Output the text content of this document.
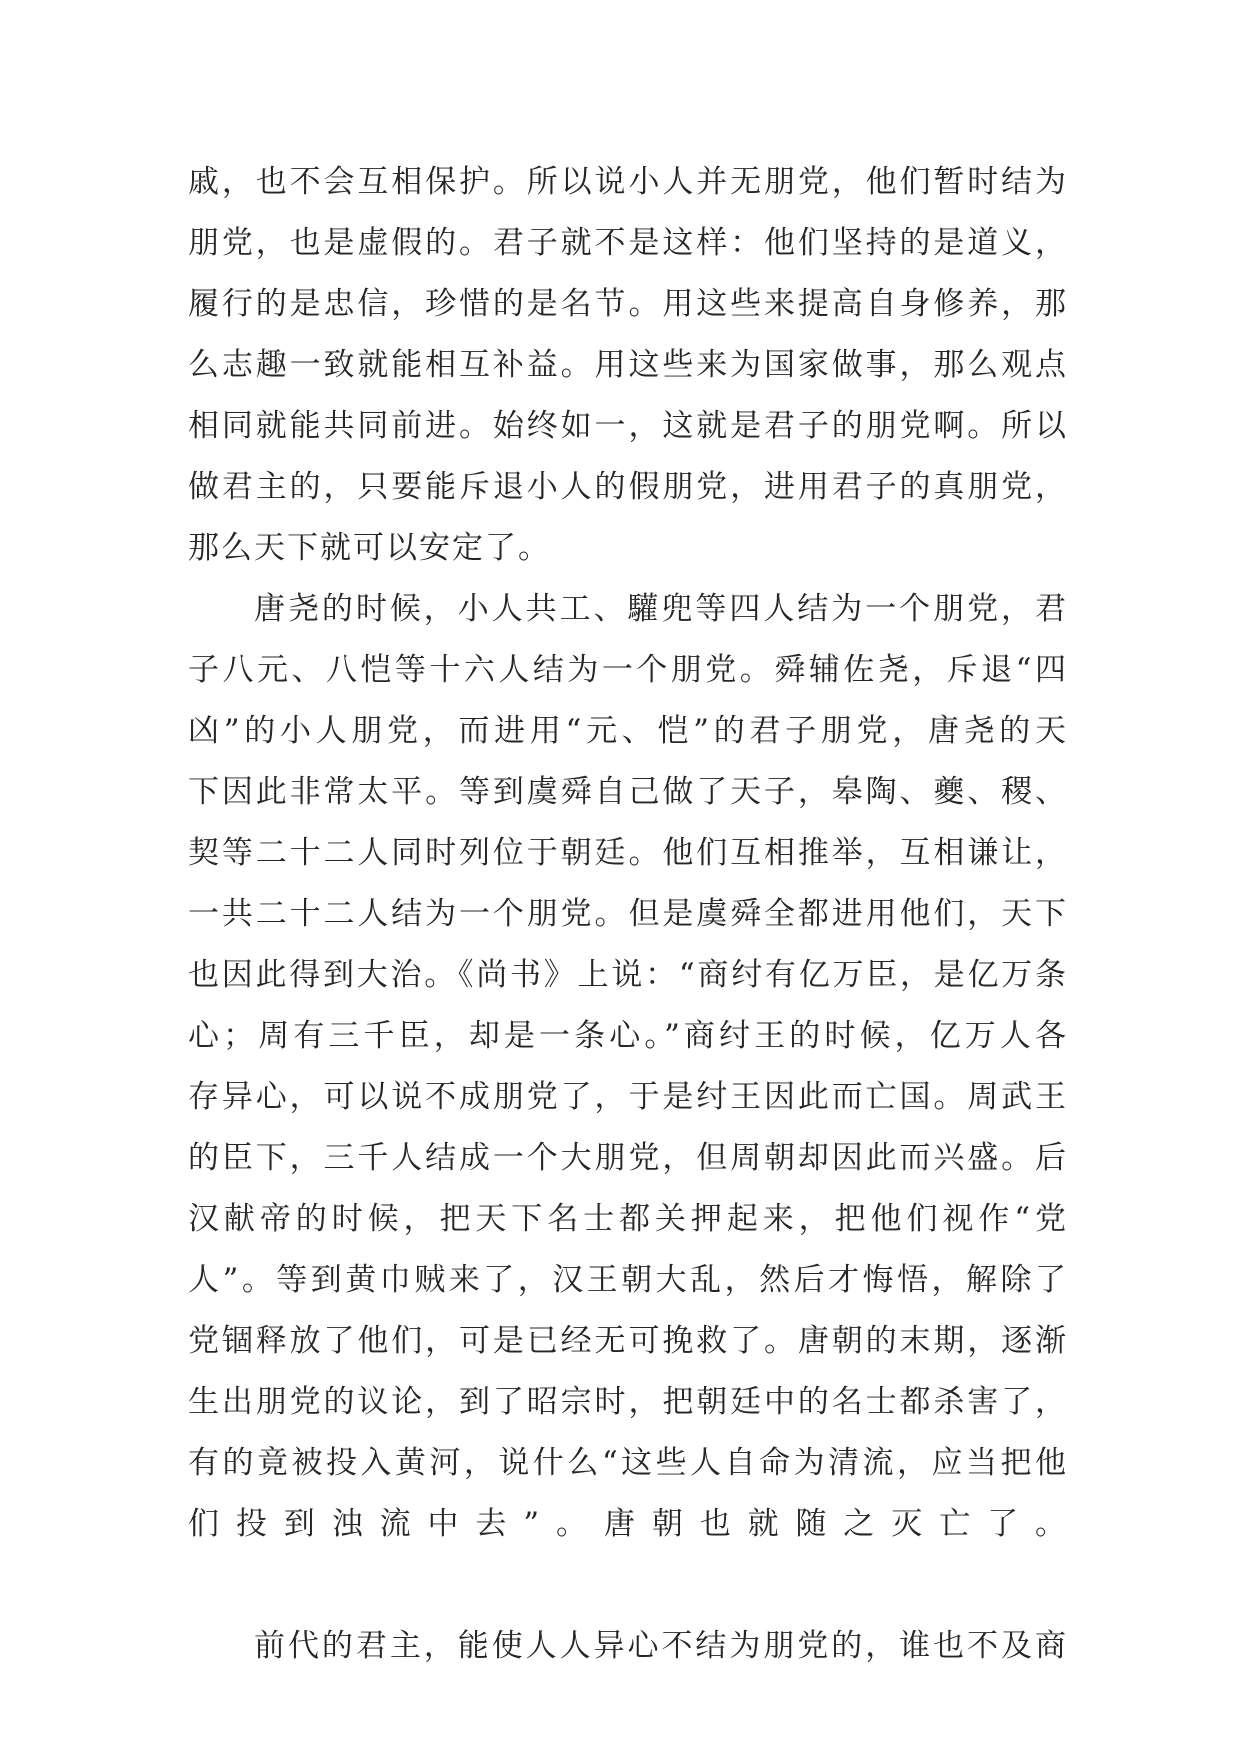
戚，也不会互相保护。所以说小人并无朋党，他们暂时结为
朋党，也是虚假的。君子就不是这样：他们坚持的是道义，
履行的是忠信，珍惜的是名节。用这些来提高自身修养，那
么志趣一致就能相互补益。用这些来为国家做事，那么观点
相同就能共同前进。始终如一，这就是君子的朋党啊。所以
做君主的，只要能斥退小人的假朋党，进用君子的真朋党，
那么天下就可以安定了。
唐尧的时候，小人共工、驩兜等四人结为一个朋党，君
子八元、八恺等十六人结为一个朋党。舜辅佐尧，斥退“四
凶”的小人朋党，而进用“元、恺”的君子朋党，唐尧的天
下因此非常太平。等到虞舜自己做了天子，皋陶、夔、稷、
契等二十二人同时列位于朝廷。他们互相推举，互相谦让，
一共二十二人结为一个朋党。但是虞舜全都进用他们，天下
也因此得到大治。《尚书》上说：“商纣有亿万臣，是亿万条
心；周有三千臣，却是一条心。”商纣王的时候，亿万人各
存异心，可以说不成朋党了，于是纣王因此而亡国。周武王
的臣下，三千人结成一个大朋党，但周朝却因此而兴盛。后
汉献帝的时候，把天下名士都关押起来，把他们视作“党
人”。等到黄巾贼来了，汉王朝大乱，然后才悔悟，解除了
党锢释放了他们，可是已经无可挽救了。唐朝的末期，逐渐
生出朋党的议论，到了昭宗时，把朝廷中的名士都杀害了，
有的竟被投入黄河，说什么“这些人自命为清流，应当把他
们投到浊流中去”。唐朝也就随之灭亡了。
前代的君主，能使人人异心不结为朋党的，谁也不及商
